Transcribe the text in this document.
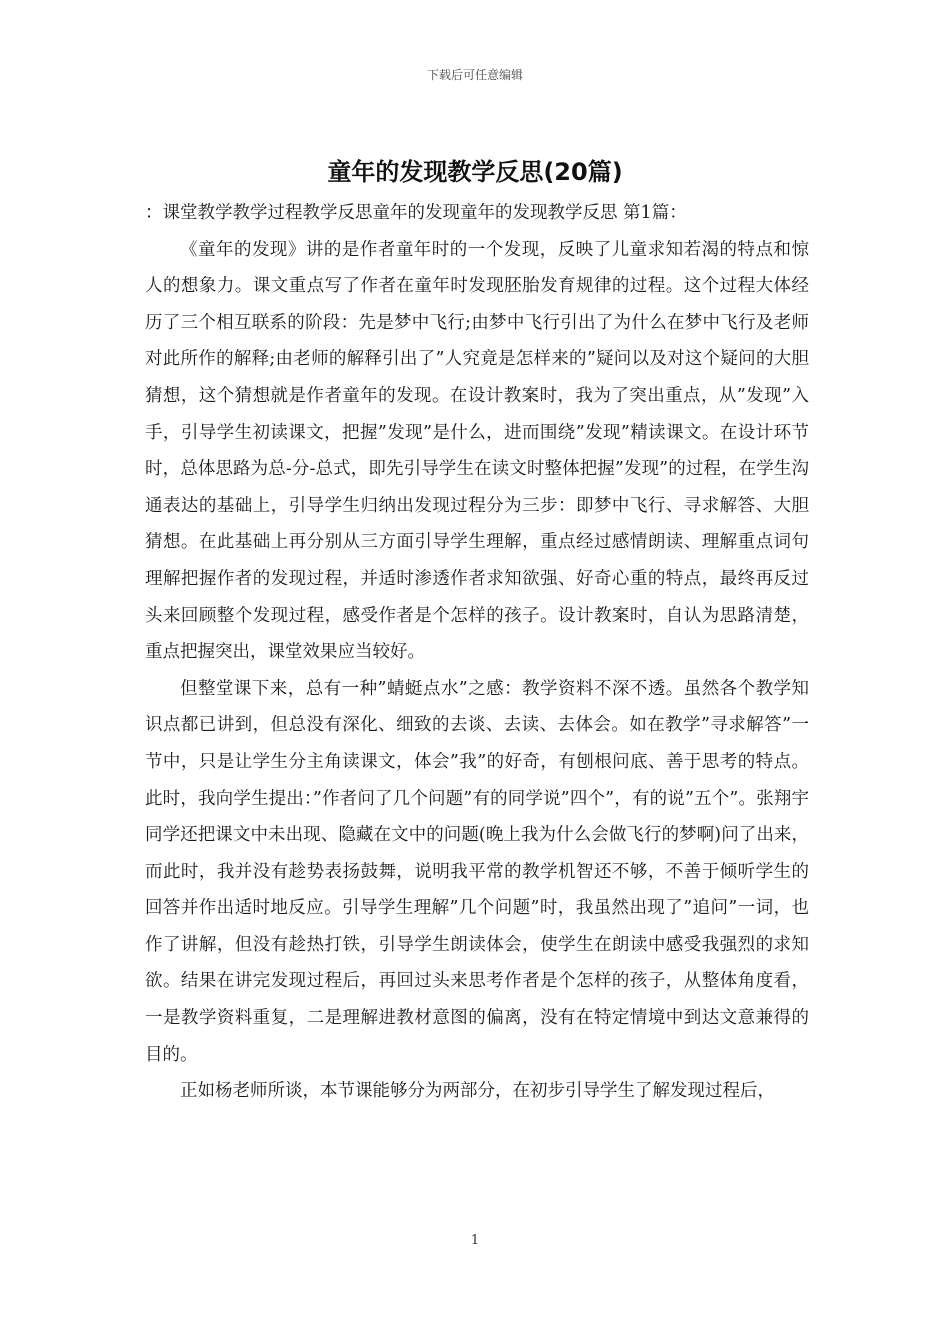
下载后可任意编辑
童年的发现教学反思(20篇)

：课堂教学教学过程教学反思童年的发现童年的发现教学反思 第1篇：

《童年的发现》讲的是作者童年时的一个发现，反映了儿童求知若渴的特点和惊人的想象力。课文重点写了作者在童年时发现胚胎发育规律的过程。这个过程大体经历了三个相互联系的阶段：先是梦中飞行;由梦中飞行引出了为什么在梦中飞行及老师对此所作的解释;由老师的解释引出了”人究竟是怎样来的”疑问以及对这个疑问的大胆猜想，这个猜想就是作者童年的发现。在设计教案时，我为了突出重点，从”发现”入手，引导学生初读课文，把握”发现”是什么，进而围绕”发现”精读课文。在设计环节时，总体思路为总-分-总式，即先引导学生在读文时整体把握”发现”的过程，在学生沟通表达的基础上，引导学生归纳出发现过程分为三步：即梦中飞行、寻求解答、大胆猜想。在此基础上再分别从三方面引导学生理解，重点经过感情朗读、理解重点词句理解把握作者的发现过程，并适时渗透作者求知欲强、好奇心重的特点，最终再反过头来回顾整个发现过程，感受作者是个怎样的孩子。设计教案时，自认为思路清楚，重点把握突出，课堂效果应当较好。

但整堂课下来，总有一种”蜻蜓点水”之感：教学资料不深不透。虽然各个教学知识点都已讲到，但总没有深化、细致的去谈、去读、去体会。如在教学”寻求解答”一节中，只是让学生分主角读课文，体会”我”的好奇，有刨根问底、善于思考的特点。此时，我向学生提出：”作者问了几个问题”有的同学说”四个”，有的说”五个”。张翔宇同学还把课文中未出现、隐藏在文中的问题(晚上我为什么会做飞行的梦啊)问了出来，而此时，我并没有趁势表扬鼓舞，说明我平常的教学机智还不够，不善于倾听学生的回答并作出适时地反应。引导学生理解”几个问题”时，我虽然出现了”追问”一词，也作了讲解，但没有趁热打铁，引导学生朗读体会，使学生在朗读中感受我强烈的求知欲。结果在讲完发现过程后，再回过头来思考作者是个怎样的孩子，从整体角度看，一是教学资料重复，二是理解进教材意图的偏离，没有在特定情境中到达文意兼得的目的。

正如杨老师所谈，本节课能够分为两部分，在初步引导学生了解发现过程后，

1
